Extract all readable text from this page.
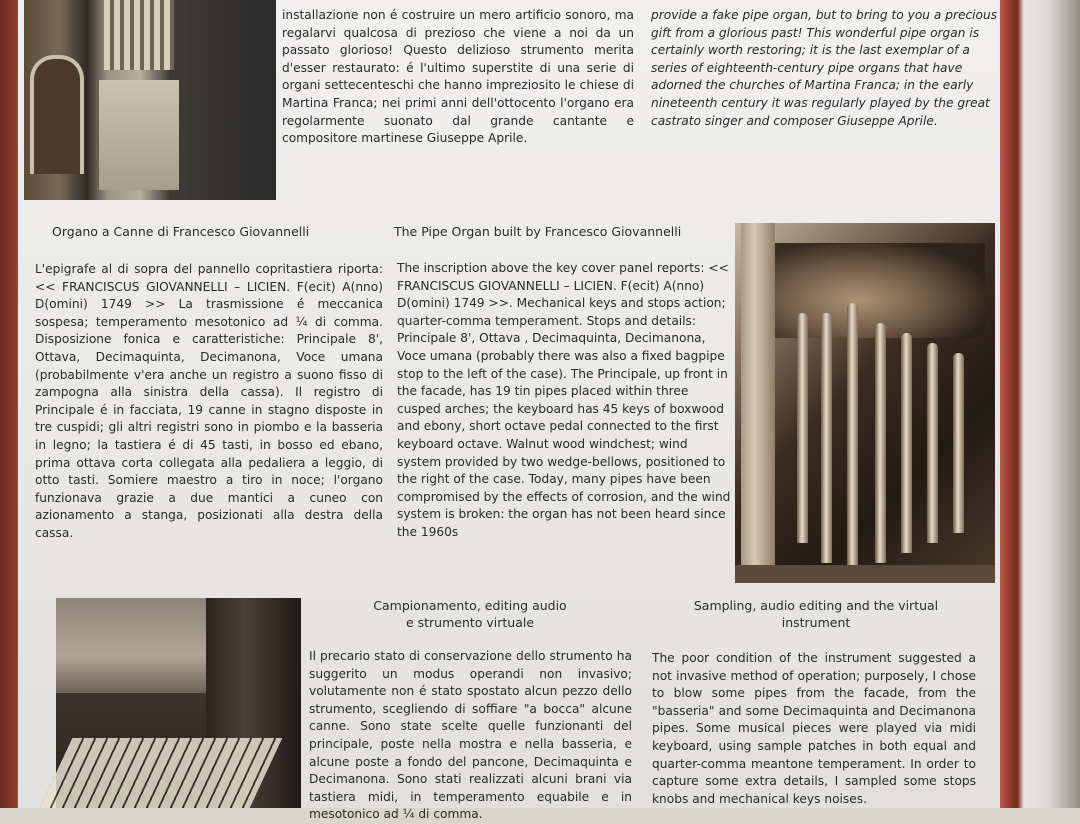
installazione non é costruire un mero artificio sonoro, ma regalarvi qualcosa di prezioso che viene a noi da un passato glorioso! Questo delizioso strumento merita d'esser restaurato: é l'ultimo superstite di una serie di organi settecenteschi che hanno impreziosito le chiese di Martina Franca; nei primi anni dell'ottocento l'organo era regolarmente suonato dal grande cantante e compositore martinese Giuseppe Aprile.
provide a fake pipe organ, but to bring to you a precious gift from a glorious past! This wonderful pipe organ is certainly worth restoring; it is the last exemplar of a series of eighteenth-century pipe organs that have adorned the churches of Martina Franca; in the early nineteenth century it was regularly played by the great castrato singer and composer Giuseppe Aprile.
Organo a Canne di Francesco Giovannelli	The Pipe Organ built by Francesco Giovannelli
L'epigrafe al di sopra del pannello copritastiera riporta: << FRANCISCUS GIOVANNELLI – LICIEN. F(ecit) A(nno) D(omini) 1749 >> La trasmissione é meccanica sospesa; temperamento mesotonico ad ¼ di comma. Disposizione fonica e caratteristiche: Principale 8', Ottava, Decimaquinta, Decimanona, Voce umana (probabilmente v'era anche un registro a suono fisso di zampogna alla sinistra della cassa). Il registro di Principale é in facciata, 19 canne in stagno disposte in tre cuspidi; gli altri registri sono in piombo e la basseria in legno; la tastiera é di 45 tasti, in bosso ed ebano, prima ottava corta collegata alla pedaliera a leggio, di otto tasti. Somiere maestro a tiro in noce; l'organo funzionava grazie a due mantici a cuneo con azionamento a stanga, posizionati alla destra della cassa.
The inscription above the key cover panel reports: << FRANCISCUS GIOVANNELLI – LICIEN. F(ecit) A(nno) D(omini) 1749 >>. Mechanical keys and stops action; quarter-comma temperament. Stops and details: Principale 8', Ottava , Decimaquinta, Decimanona, Voce umana (probably there was also a fixed bagpipe stop to the left of the case). The Principale, up front in the facade, has 19 tin pipes placed within three cusped arches; the keyboard has 45 keys of boxwood and ebony, short octave pedal connected to the first keyboard octave. Walnut wood windchest; wind system provided by two wedge-bellows, positioned to the right of the case. Today, many pipes have been compromised by the effects of corrosion, and the wind system is broken: the organ has not been heard since the 1960s
Campionamento, editing audio
e strumento virtuale
Sampling, audio editing and the virtual
instrument
Il precario stato di conservazione dello strumento ha suggerito un modus operandi non invasivo; volutamente non é stato spostato alcun pezzo dello strumento, scegliendo di soffiare "a bocca" alcune canne. Sono state scelte quelle funzionanti del principale, poste nella mostra e nella basseria, e alcune poste a fondo del pancone, Decimaquinta e Decimanona. Sono stati realizzati alcuni brani via tastiera midi, in temperamento equabile e in mesotonico ad ¼ di comma.
The poor condition of the instrument suggested a not invasive method of operation; purposely, I chose to blow some pipes from the facade, from the "basseria" and some Decimaquinta and Decimanona pipes. Some musical pieces were played via midi keyboard, using sample patches in both equal and quarter-comma meantone temperament. In order to capture some extra details, I sampled some stops knobs and mechanical keys noises.
